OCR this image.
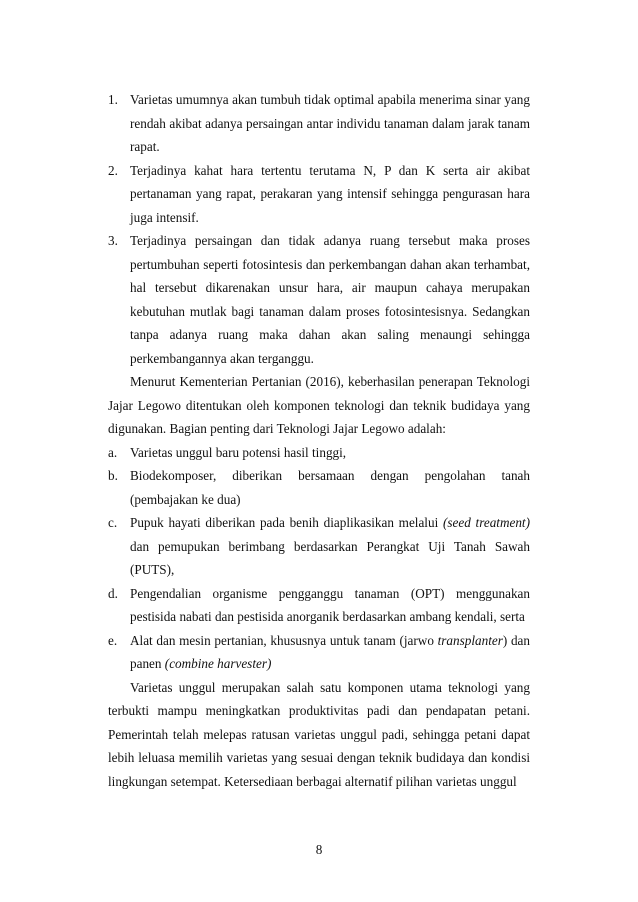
1. Varietas umumnya akan tumbuh tidak optimal apabila menerima sinar yang rendah akibat adanya persaingan antar individu tanaman dalam jarak tanam rapat.
2. Terjadinya kahat hara tertentu terutama N, P dan K serta air akibat pertanaman yang rapat, perakaran yang intensif sehingga pengurasan hara juga intensif.
3. Terjadinya persaingan dan tidak adanya ruang tersebut maka proses pertumbuhan seperti fotosintesis dan perkembangan dahan akan terhambat, hal tersebut dikarenakan unsur hara, air maupun cahaya merupakan kebutuhan mutlak bagi tanaman dalam proses fotosintesisnya. Sedangkan tanpa adanya ruang maka dahan akan saling menaungi sehingga perkembangannya akan terganggu.

Menurut Kementerian Pertanian (2016), keberhasilan penerapan Teknologi Jajar Legowo ditentukan oleh komponen teknologi dan teknik budidaya yang digunakan. Bagian penting dari Teknologi Jajar Legowo adalah:

a. Varietas unggul baru potensi hasil tinggi,
b. Biodekomposer, diberikan bersamaan dengan pengolahan tanah
(pembajakan ke dua)
c. Pupuk hayati diberikan pada benih diaplikasikan melalui (seed treatment) dan pemupukan berimbang berdasarkan Perangkat Uji Tanah Sawah (PUTS),
d. Pengendalian organisme pengganggu tanaman (OPT) menggunakan pestisida nabati dan pestisida anorganik berdasarkan ambang kendali, serta
e. Alat dan mesin pertanian, khususnya untuk tanam (jarwo transplanter) dan panen (combine harvester)

Varietas unggul merupakan salah satu komponen utama teknologi yang terbukti mampu meningkatkan produktivitas padi dan pendapatan petani. Pemerintah telah melepas ratusan varietas unggul padi, sehingga petani dapat lebih leluasa memilih varietas yang sesuai dengan teknik budidaya dan kondisi lingkungan setempat. Ketersediaan berbagai alternatif pilihan varietas unggul

8
